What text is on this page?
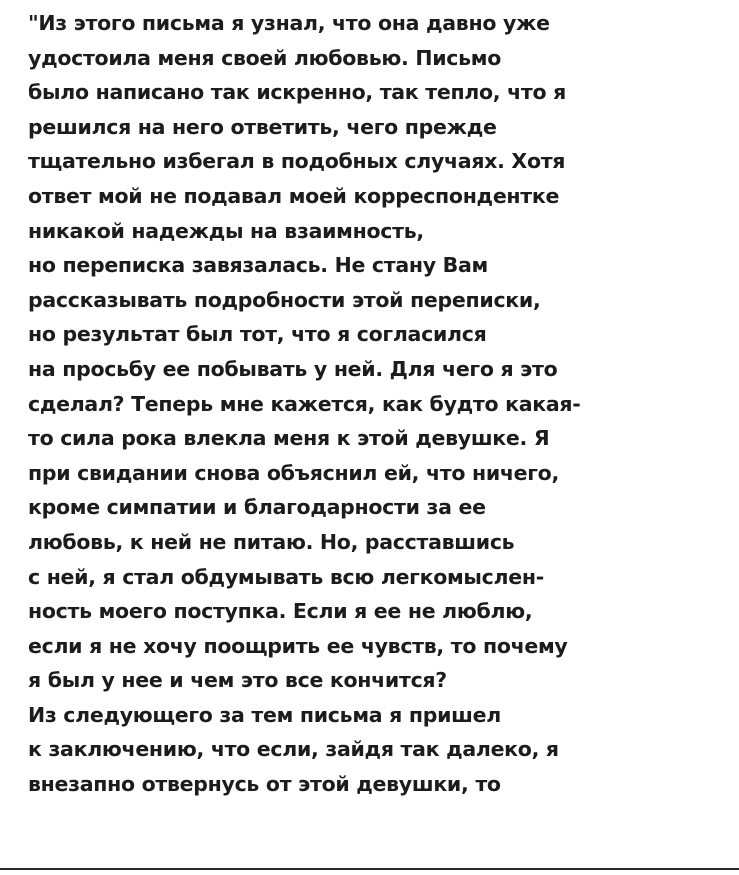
"Из этого письма я узнал, что она давно уже
удостоила меня своей любовью. Письмо
было написано так искренно, так тепло, что я
решился на него ответить, чего прежде
тщательно избегал в подобных случаях. Хотя
ответ мой не подавал моей корреспондентке
никакой надежды на взаимность,
но переписка завязалась. Не стану Вам
рассказывать подробности этой переписки,
но результат был тот, что я согласился
на просьбу ее побывать у ней. Для чего я это
сделал? Теперь мне кажется, как будто какая-
то сила рока влекла меня к этой девушке. Я
при свидании снова объяснил ей, что ничего,
кроме симпатии и благодарности за ее
любовь, к ней не питаю. Но, расставшись
с ней, я стал обдумывать всю легкомыслен-
ность моего поступка. Если я ее не люблю,
если я не хочу поощрить ее чувств, то почему
я был у нее и чем это все кончится?
Из следующего за тем письма я пришел
к заключению, что если, зайдя так далеко, я
внезапно отвернусь от этой девушки, то
